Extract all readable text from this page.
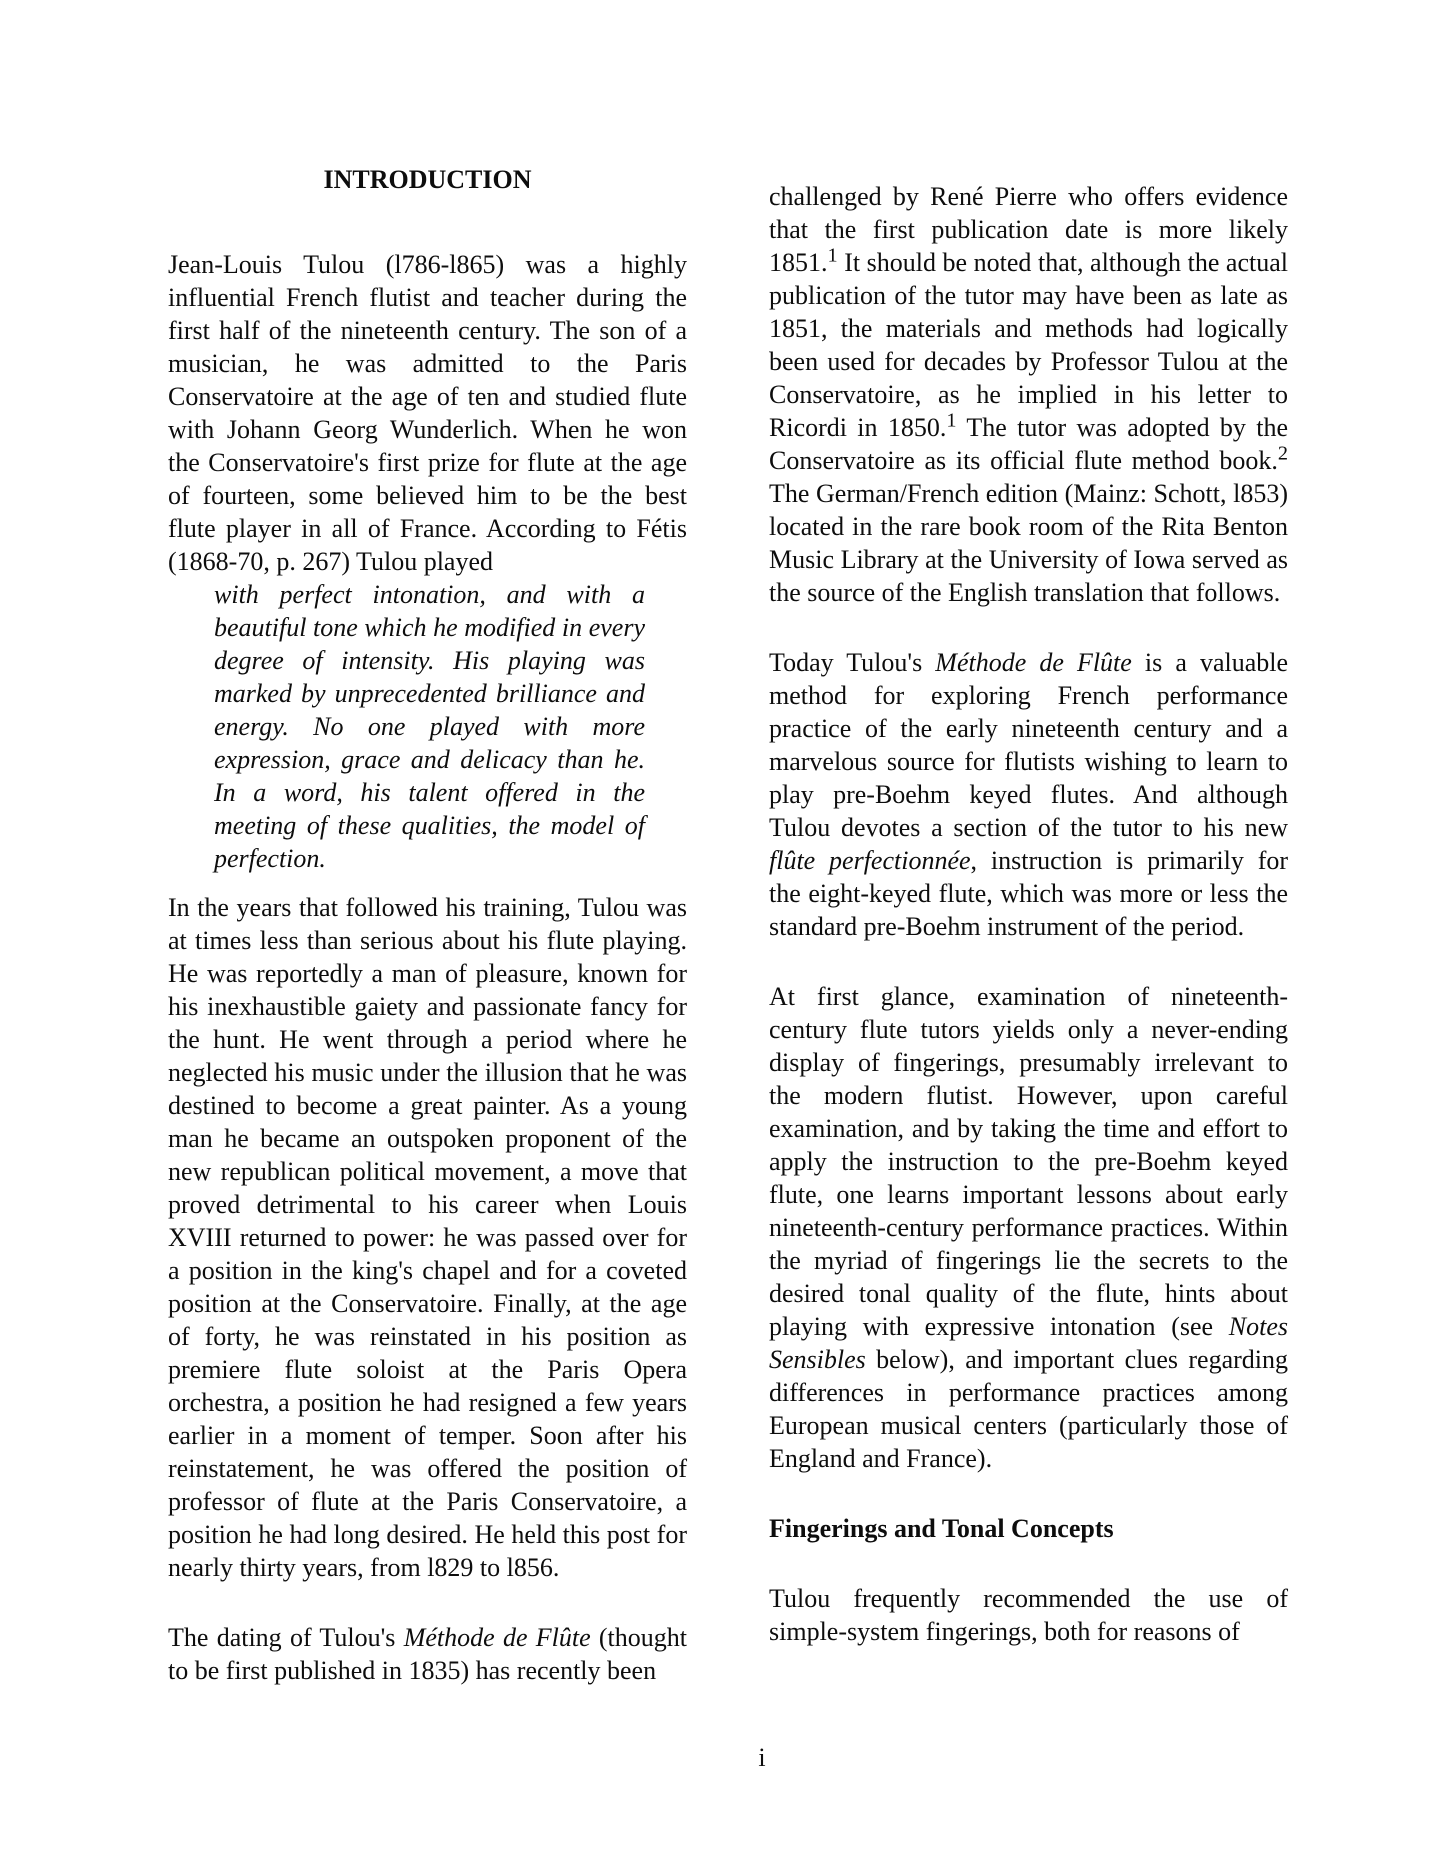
INTRODUCTION

Jean-Louis Tulou (l786-l865) was a highly influential French flutist and teacher during the first half of the nineteenth century. The son of a musician, he was admitted to the Paris Conservatoire at the age of ten and studied flute with Johann Georg Wunderlich. When he won the Conservatoire's first prize for flute at the age of fourteen, some believed him to be the best flute player in all of France. According to Fétis (1868-70, p. 267) Tulou played

with perfect intonation, and with a beautiful tone which he modified in every degree of intensity. His playing was marked by unprecedented brilliance and energy. No one played with more expression, grace and delicacy than he. In a word, his talent offered in the meeting of these qualities, the model of perfection.

In the years that followed his training, Tulou was at times less than serious about his flute playing. He was reportedly a man of pleasure, known for his inexhaustible gaiety and passionate fancy for the hunt. He went through a period where he neglected his music under the illusion that he was destined to become a great painter. As a young man he became an outspoken proponent of the new republican political movement, a move that proved detrimental to his career when Louis XVIII returned to power: he was passed over for a position in the king's chapel and for a coveted position at the Conservatoire. Finally, at the age of forty, he was reinstated in his position as premiere flute soloist at the Paris Opera orchestra, a position he had resigned a few years earlier in a moment of temper. Soon after his reinstatement, he was offered the position of professor of flute at the Paris Conservatoire, a position he had long desired. He held this post for nearly thirty years, from l829 to l856.

The dating of Tulou's Méthode de Flûte (thought to be first published in 1835) has recently been

challenged by René Pierre who offers evidence that the first publication date is more likely 1851.$^1$ It should be noted that, although the actual publication of the tutor may have been as late as 1851, the materials and methods had logically been used for decades by Professor Tulou at the Conservatoire, as he implied in his letter to Ricordi in 1850.$^1$ The tutor was adopted by the Conservatoire as its official flute method book.$^2$ The German/French edition (Mainz: Schott, l853) located in the rare book room of the Rita Benton Music Library at the University of Iowa served as the source of the English translation that follows.

Today Tulou's Méthode de Flûte is a valuable method for exploring French performance practice of the early nineteenth century and a marvelous source for flutists wishing to learn to play pre-Boehm keyed flutes. And although Tulou devotes a section of the tutor to his new flûte perfectionnée, instruction is primarily for the eight-keyed flute, which was more or less the standard pre-Boehm instrument of the period.

At first glance, examination of nineteenth-century flute tutors yields only a never-ending display of fingerings, presumably irrelevant to the modern flutist. However, upon careful examination, and by taking the time and effort to apply the instruction to the pre-Boehm keyed flute, one learns important lessons about early nineteenth-century performance practices. Within the myriad of fingerings lie the secrets to the desired tonal quality of the flute, hints about playing with expressive intonation (see Notes Sensibles below), and important clues regarding differences in performance practices among European musical centers (particularly those of England and France).

Fingerings and Tonal Concepts

Tulou frequently recommended the use of simple-system fingerings, both for reasons of

i
